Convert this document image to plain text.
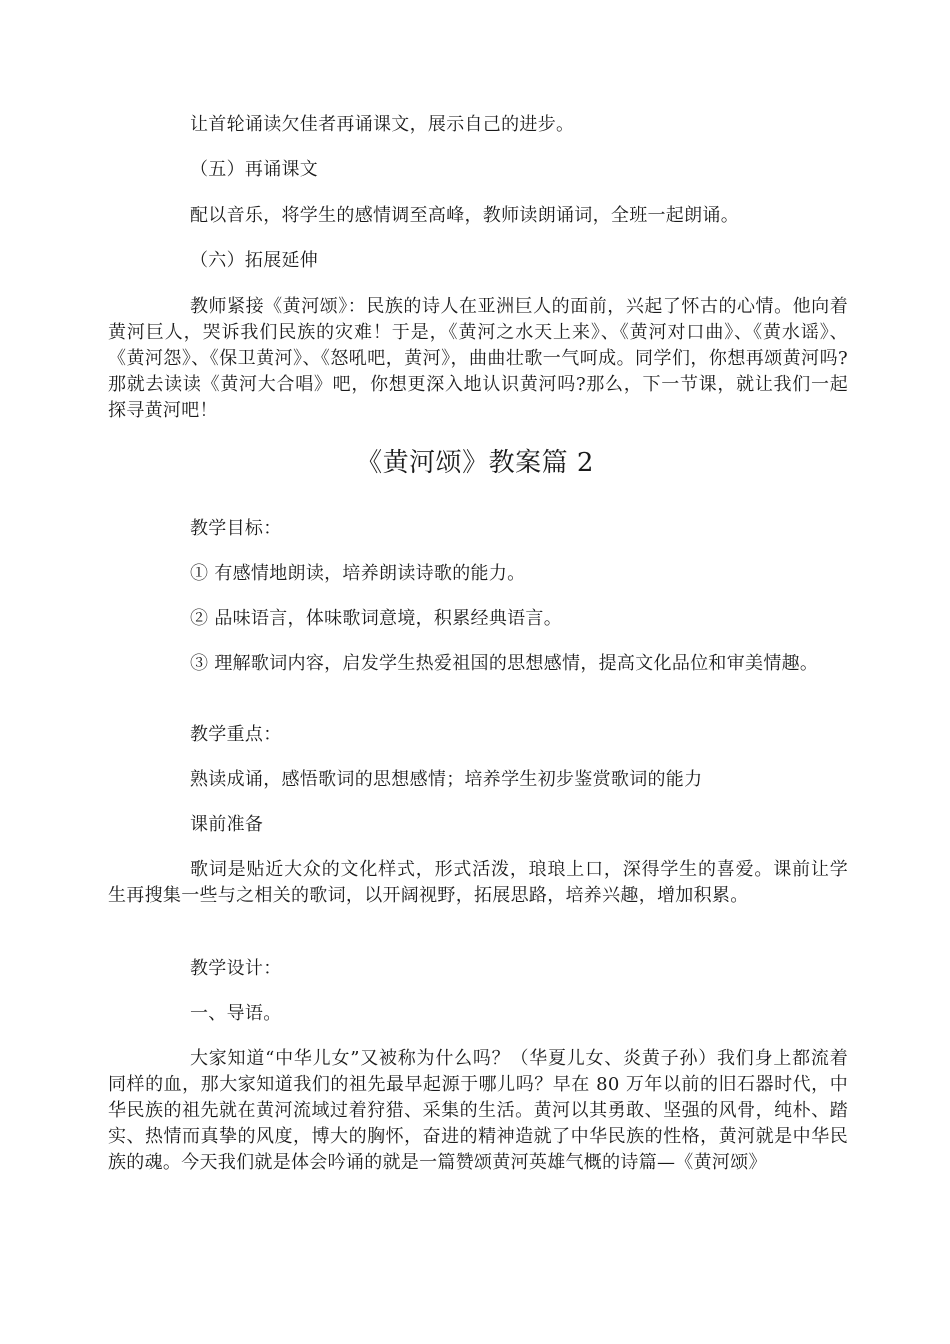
让首轮诵读欠佳者再诵课文，展示自己的进步。
（五）再诵课文
配以音乐，将学生的感情调至高峰，教师读朗诵词，全班一起朗诵。
（六）拓展延伸
教师紧接《黄河颂》：民族的诗人在亚洲巨人的面前，兴起了怀古的心情。他向着黄河巨人，哭诉我们民族的灾难！于是，《黄河之水天上来》、《黄河对口曲》、《黄水谣》、《黄河怨》、《保卫黄河》、《怒吼吧，黄河》，曲曲壮歌一气呵成。同学们，你想再颂黄河吗?那就去读读《黄河大合唱》吧，你想更深入地认识黄河吗?那么，下一节课，就让我们一起探寻黄河吧！
《黄河颂》教案篇 2
教学目标：
① 有感情地朗读，培养朗读诗歌的能力。
② 品味语言，体味歌词意境，积累经典语言。
③ 理解歌词内容，启发学生热爱祖国的思想感情，提高文化品位和审美情趣。
教学重点：
熟读成诵，感悟歌词的思想感情；培养学生初步鉴赏歌词的能力
课前准备
歌词是贴近大众的文化样式，形式活泼，琅琅上口，深得学生的喜爱。课前让学生再搜集一些与之相关的歌词，以开阔视野，拓展思路，培养兴趣，增加积累。
教学设计：
一、导语。
大家知道“中华儿女”又被称为什么吗？（华夏儿女、炎黄子孙）我们身上都流着同样的血，那大家知道我们的祖先最早起源于哪儿吗？早在 80 万年以前的旧石器时代，中华民族的祖先就在黄河流域过着狩猎、采集的生活。黄河以其勇敢、坚强的风骨，纯朴、踏实、热情而真挚的风度，博大的胸怀，奋进的精神造就了中华民族的性格，黄河就是中华民族的魂。今天我们就是体会吟诵的就是一篇赞颂黄河英雄气概的诗篇—《黄河颂》
